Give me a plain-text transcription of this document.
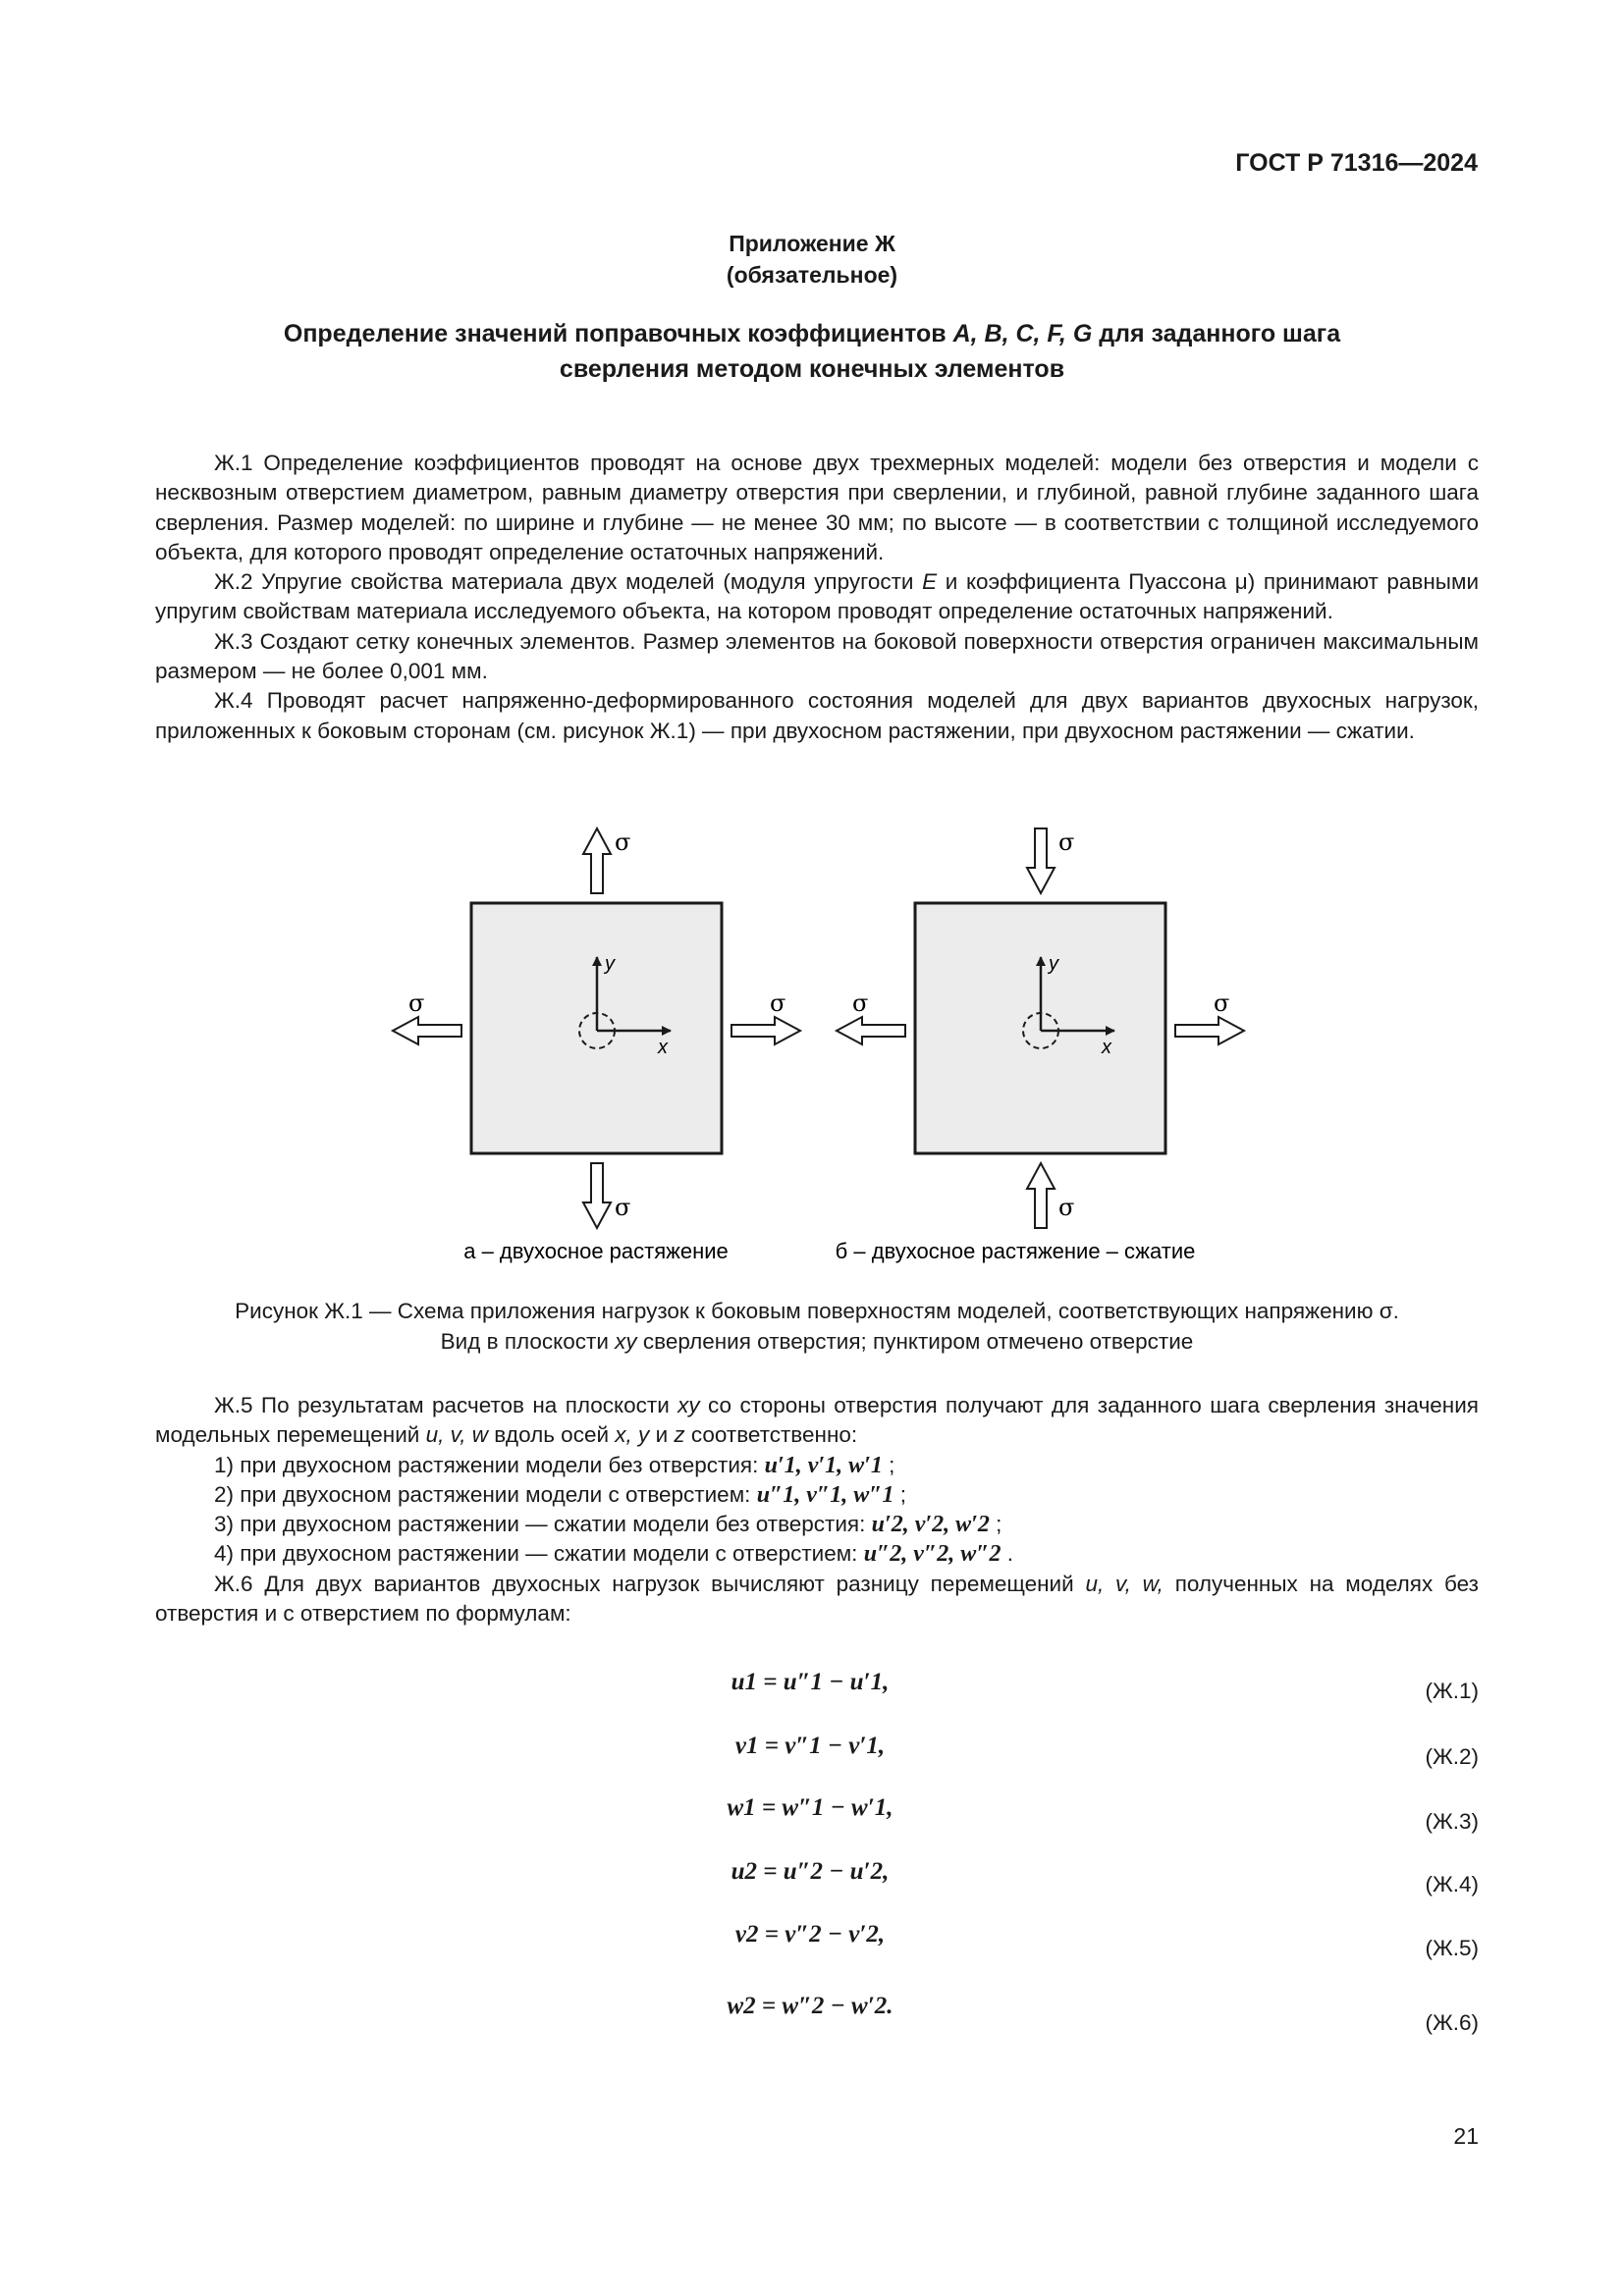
ГОСТ Р 71316—2024
Приложение Ж
(обязательное)
Определение значений поправочных коэффициентов A, B, C, F, G для заданного шага
сверления методом конечных элементов

Ж.1 Определение коэффициентов проводят на основе двух трехмерных моделей: модели без отверстия и модели с несквозным отверстием диаметром, равным диаметру отверстия при сверлении, и глубиной, равной глубине заданного шага сверления. Размер моделей: по ширине и глубине — не менее 30 мм; по высоте — в соответствии с толщиной исследуемого объекта, для которого проводят определение остаточных напряжений.

Ж.2 Упругие свойства материала двух моделей (модуля упругости E и коэффициента Пуассона μ) принимают равными упругим свойствам материала исследуемого объекта, на котором проводят определение остаточных напряжений.

Ж.3 Создают сетку конечных элементов. Размер элементов на боковой поверхности отверстия ограничен максимальным размером — не более 0,001 мм.

Ж.4 Проводят расчет напряженно-деформированного состояния моделей для двух вариантов двухосных нагрузок, приложенных к боковым сторонам (см. рисунок Ж.1) — при двухосном растяжении, при двухосном растяжении — сжатии.

y
x
σ
σ
σ	σ
а – двухосное растяжение
y
x
σ
σ
σ	σ
б – двухосное растяжение – сжатие
Рисунок Ж.1 — Схема приложения нагрузок к боковым поверхностям моделей, соответствующих напряжению σ.
Вид в плоскости xy сверления отверстия; пунктиром отмечено отверстие

Ж.5 По результатам расчетов на плоскости xy со стороны отверстия получают для заданного шага сверления значения модельных перемещений u, v, w вдоль осей x, y и z соответственно:

1) при двухосном растяжении модели без отверстия: u′1, v′1, w′1 ;

2) при двухосном растяжении модели с отверстием: u″1, v″1, w″1 ;

3) при двухосном растяжении — сжатии модели без отверстия: u′2, v′2, w′2 ;

4) при двухосном растяжении — сжатии модели с отверстием: u″2, v″2, w″2 .

Ж.6 Для двух вариантов двухосных нагрузок вычисляют разницу перемещений u, v, w, полученных на моделях без отверстия и с отверстием по формулам:

u1 = u″1 − u′1,	(Ж.1)
v1 = v″1 − v′1,	(Ж.2)
w1 = w″1 − w′1,
(Ж.3)
u2 = u″2 − u′2,	(Ж.4)
v2 = v″2 − v′2,
(Ж.5)
w2 = w″2 − w′2.
(Ж.6)
21
